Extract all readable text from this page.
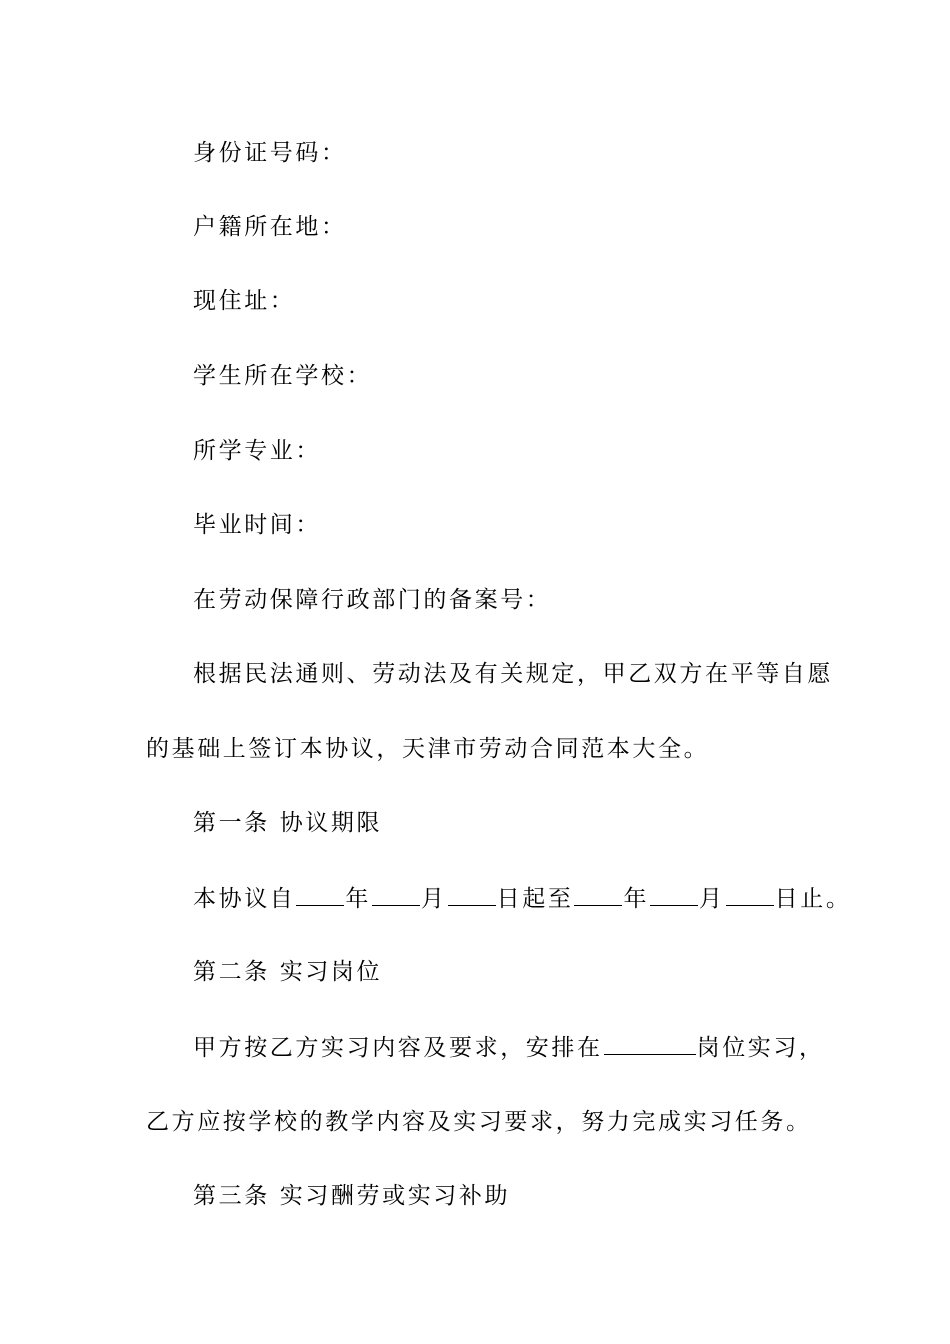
身份证号码：
户籍所在地：
现住址：
学生所在学校：
所学专业：
毕业时间：
在劳动保障行政部门的备案号：
根据民法通则、劳动法及有关规定，甲乙双方在平等自愿
的基础上签订本协议，天津市劳动合同范本大全。
第一条 协议期限
本协议自 年 月 日起至 年 月 日止。
第二条 实习岗位
甲方按乙方实习内容及要求，安排在	岗位实习，
乙方应按学校的教学内容及实习要求，努力完成实习任务。
第三条 实习酬劳或实习补助
